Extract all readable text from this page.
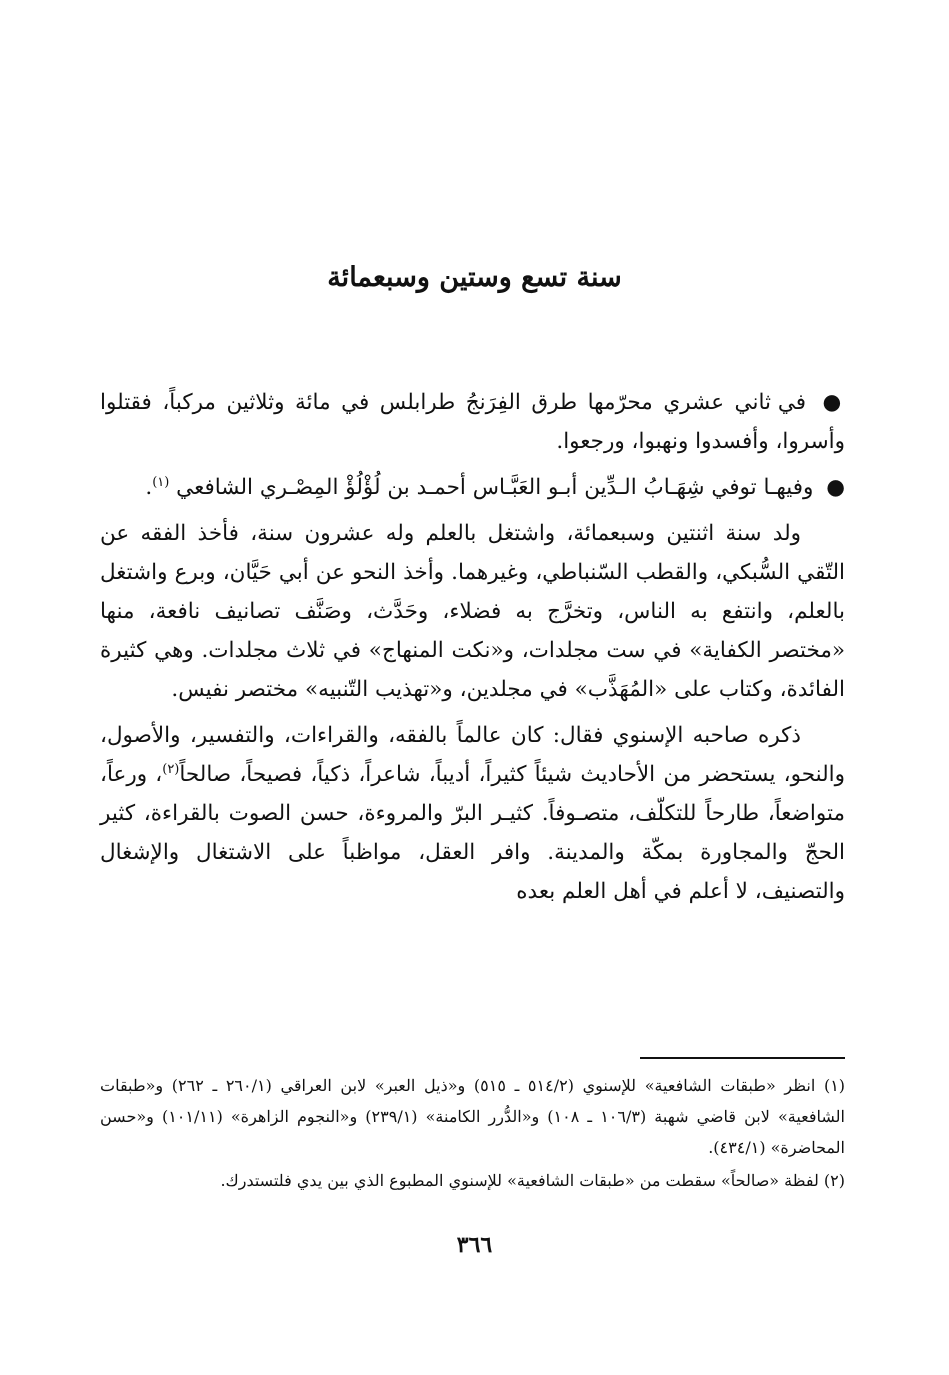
سنة تسع وستين وسبعمائة

● في ثاني عشري محرّمها طرق الفِرَنجُ طرابلس في مائة وثلاثين مركباً، فقتلوا وأسروا، وأفسدوا ونهبوا، ورجعوا.

● وفيهـا توفي شِهَـابُ الـدِّين أبـو العَبَّـاس أحمـد بن لُؤْلُؤْ المِصْـري الشافعي $^{(١)}$.

ولد سنة اثنتين وسبعمائة، واشتغل بالعلم وله عشرون سنة، فأخذ الفقه عن التّقي السُّبكي، والقطب السّنباطي، وغيرهما. وأخذ النحو عن أبي حَيَّان، وبرع واشتغل بالعلم، وانتفع به الناس، وتخرَّج به فضلاء، وحَدَّث، وصَنَّف تصانيف نافعة، منها «مختصر الكفاية» في ست مجلدات، و«نكت المنهاج» في ثلاث مجلدات. وهي كثيرة الفائدة، وكتاب على «المُهَذَّب» في مجلدين، و«تهذيب التّنبيه» مختصر نفيس.

ذكره صاحبه الإسنوي فقال: كان عالماً بالفقه، والقراءات، والتفسير، والأصول، والنحو، يستحضر من الأحاديث شيئاً كثيراً، أديباً، شاعراً، ذكياً، فصيحاً، صالحاً$^{(٢)}$، ورعاً، متواضعاً، طارحاً للتكلّف، متصـوفاً. كثيـر البرّ والمروءة، حسن الصوت بالقراءة، كثير الحجّ والمجاورة بمكّة والمدينة. وافر العقل، مواظباً على الاشتغال والإشغال والتصنيف، لا أعلم في أهل العلم بعده

(١) انظر «طبقات الشافعية» للإسنوي (٥١٤/٢ ـ ٥١٥) و«ذيل العبر» لابن العراقي (٢٦٠/١ ـ ٢٦٢) و«طبقات الشافعية» لابن قاضي شهبة (١٠٦/٣ ـ ١٠٨) و«الدُّرر الكامنة» (٢٣٩/١) و«النجوم الزاهرة» (١٠١/١١) و«حسن المحاضرة» (٤٣٤/١).

(٢) لفظة «صالحاً» سقطت من «طبقات الشافعية» للإسنوي المطبوع الذي بين يدي فلتستدرك.

٣٦٦
